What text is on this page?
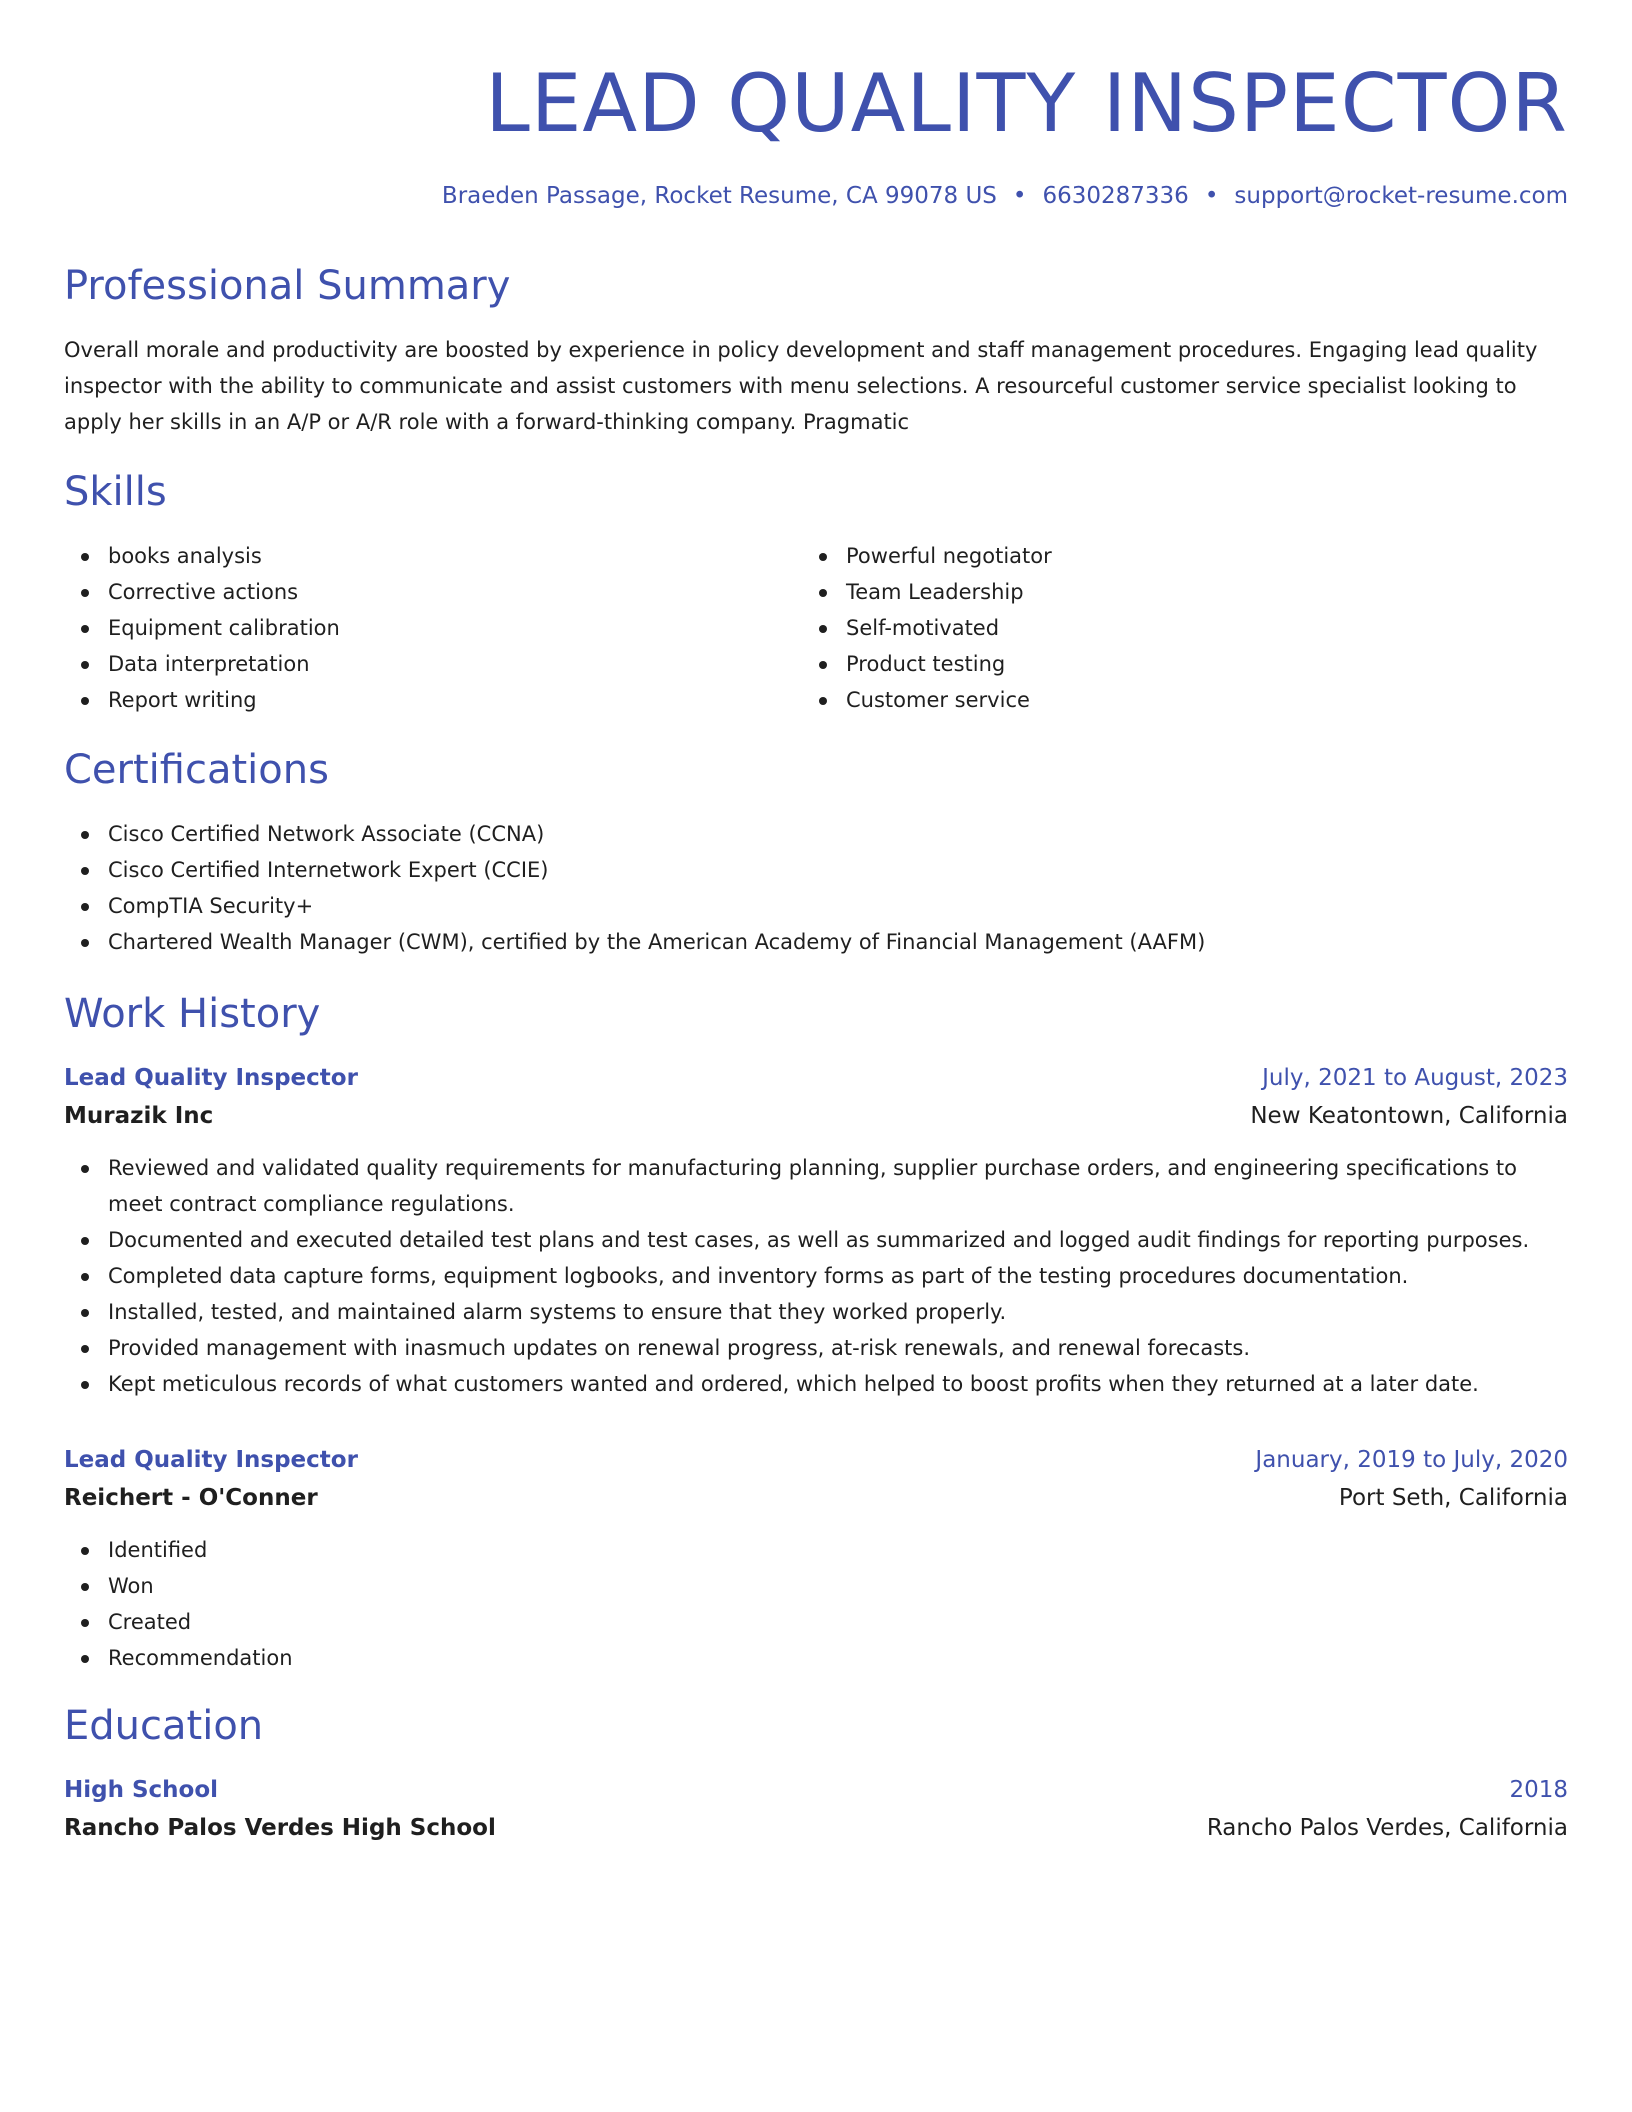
LEAD QUALITY INSPECTOR
Braeden Passage, Rocket Resume, CA 99078 US • 6630287336 • support@rocket-resume.com
Professional Summary

Overall morale and productivity are boosted by experience in policy development and staff management procedures. Engaging lead quality inspector with the ability to communicate and assist customers with menu selections. A resourceful customer service specialist looking to apply her skills in an A/P or A/R role with a forward-thinking company. Pragmatic

Skills
books analysis
Corrective actions
Equipment calibration
Data interpretation
Report writing
Powerful negotiator
Team Leadership
Self-motivated
Product testing
Customer service
Certifications
Cisco Certified Network Associate (CCNA)
Cisco Certified Internetwork Expert (CCIE)
CompTIA Security+
Chartered Wealth Manager (CWM), certified by the American Academy of Financial Management (AAFM)
Work History
Lead Quality Inspector	July, 2021 to August, 2023
Murazik Inc	New Keatontown, California
Reviewed and validated quality requirements for manufacturing planning, supplier purchase orders, and engineering specifications to meet contract compliance regulations.
Documented and executed detailed test plans and test cases, as well as summarized and logged audit findings for reporting purposes.
Completed data capture forms, equipment logbooks, and inventory forms as part of the testing procedures documentation.
Installed, tested, and maintained alarm systems to ensure that they worked properly.
Provided management with inasmuch updates on renewal progress, at-risk renewals, and renewal forecasts.
Kept meticulous records of what customers wanted and ordered, which helped to boost profits when they returned at a later date.
Lead Quality Inspector	January, 2019 to July, 2020
Reichert - O'Conner	Port Seth, California
Identified
Won
Created
Recommendation
Education
High School	2018
Rancho Palos Verdes High School	Rancho Palos Verdes, California
